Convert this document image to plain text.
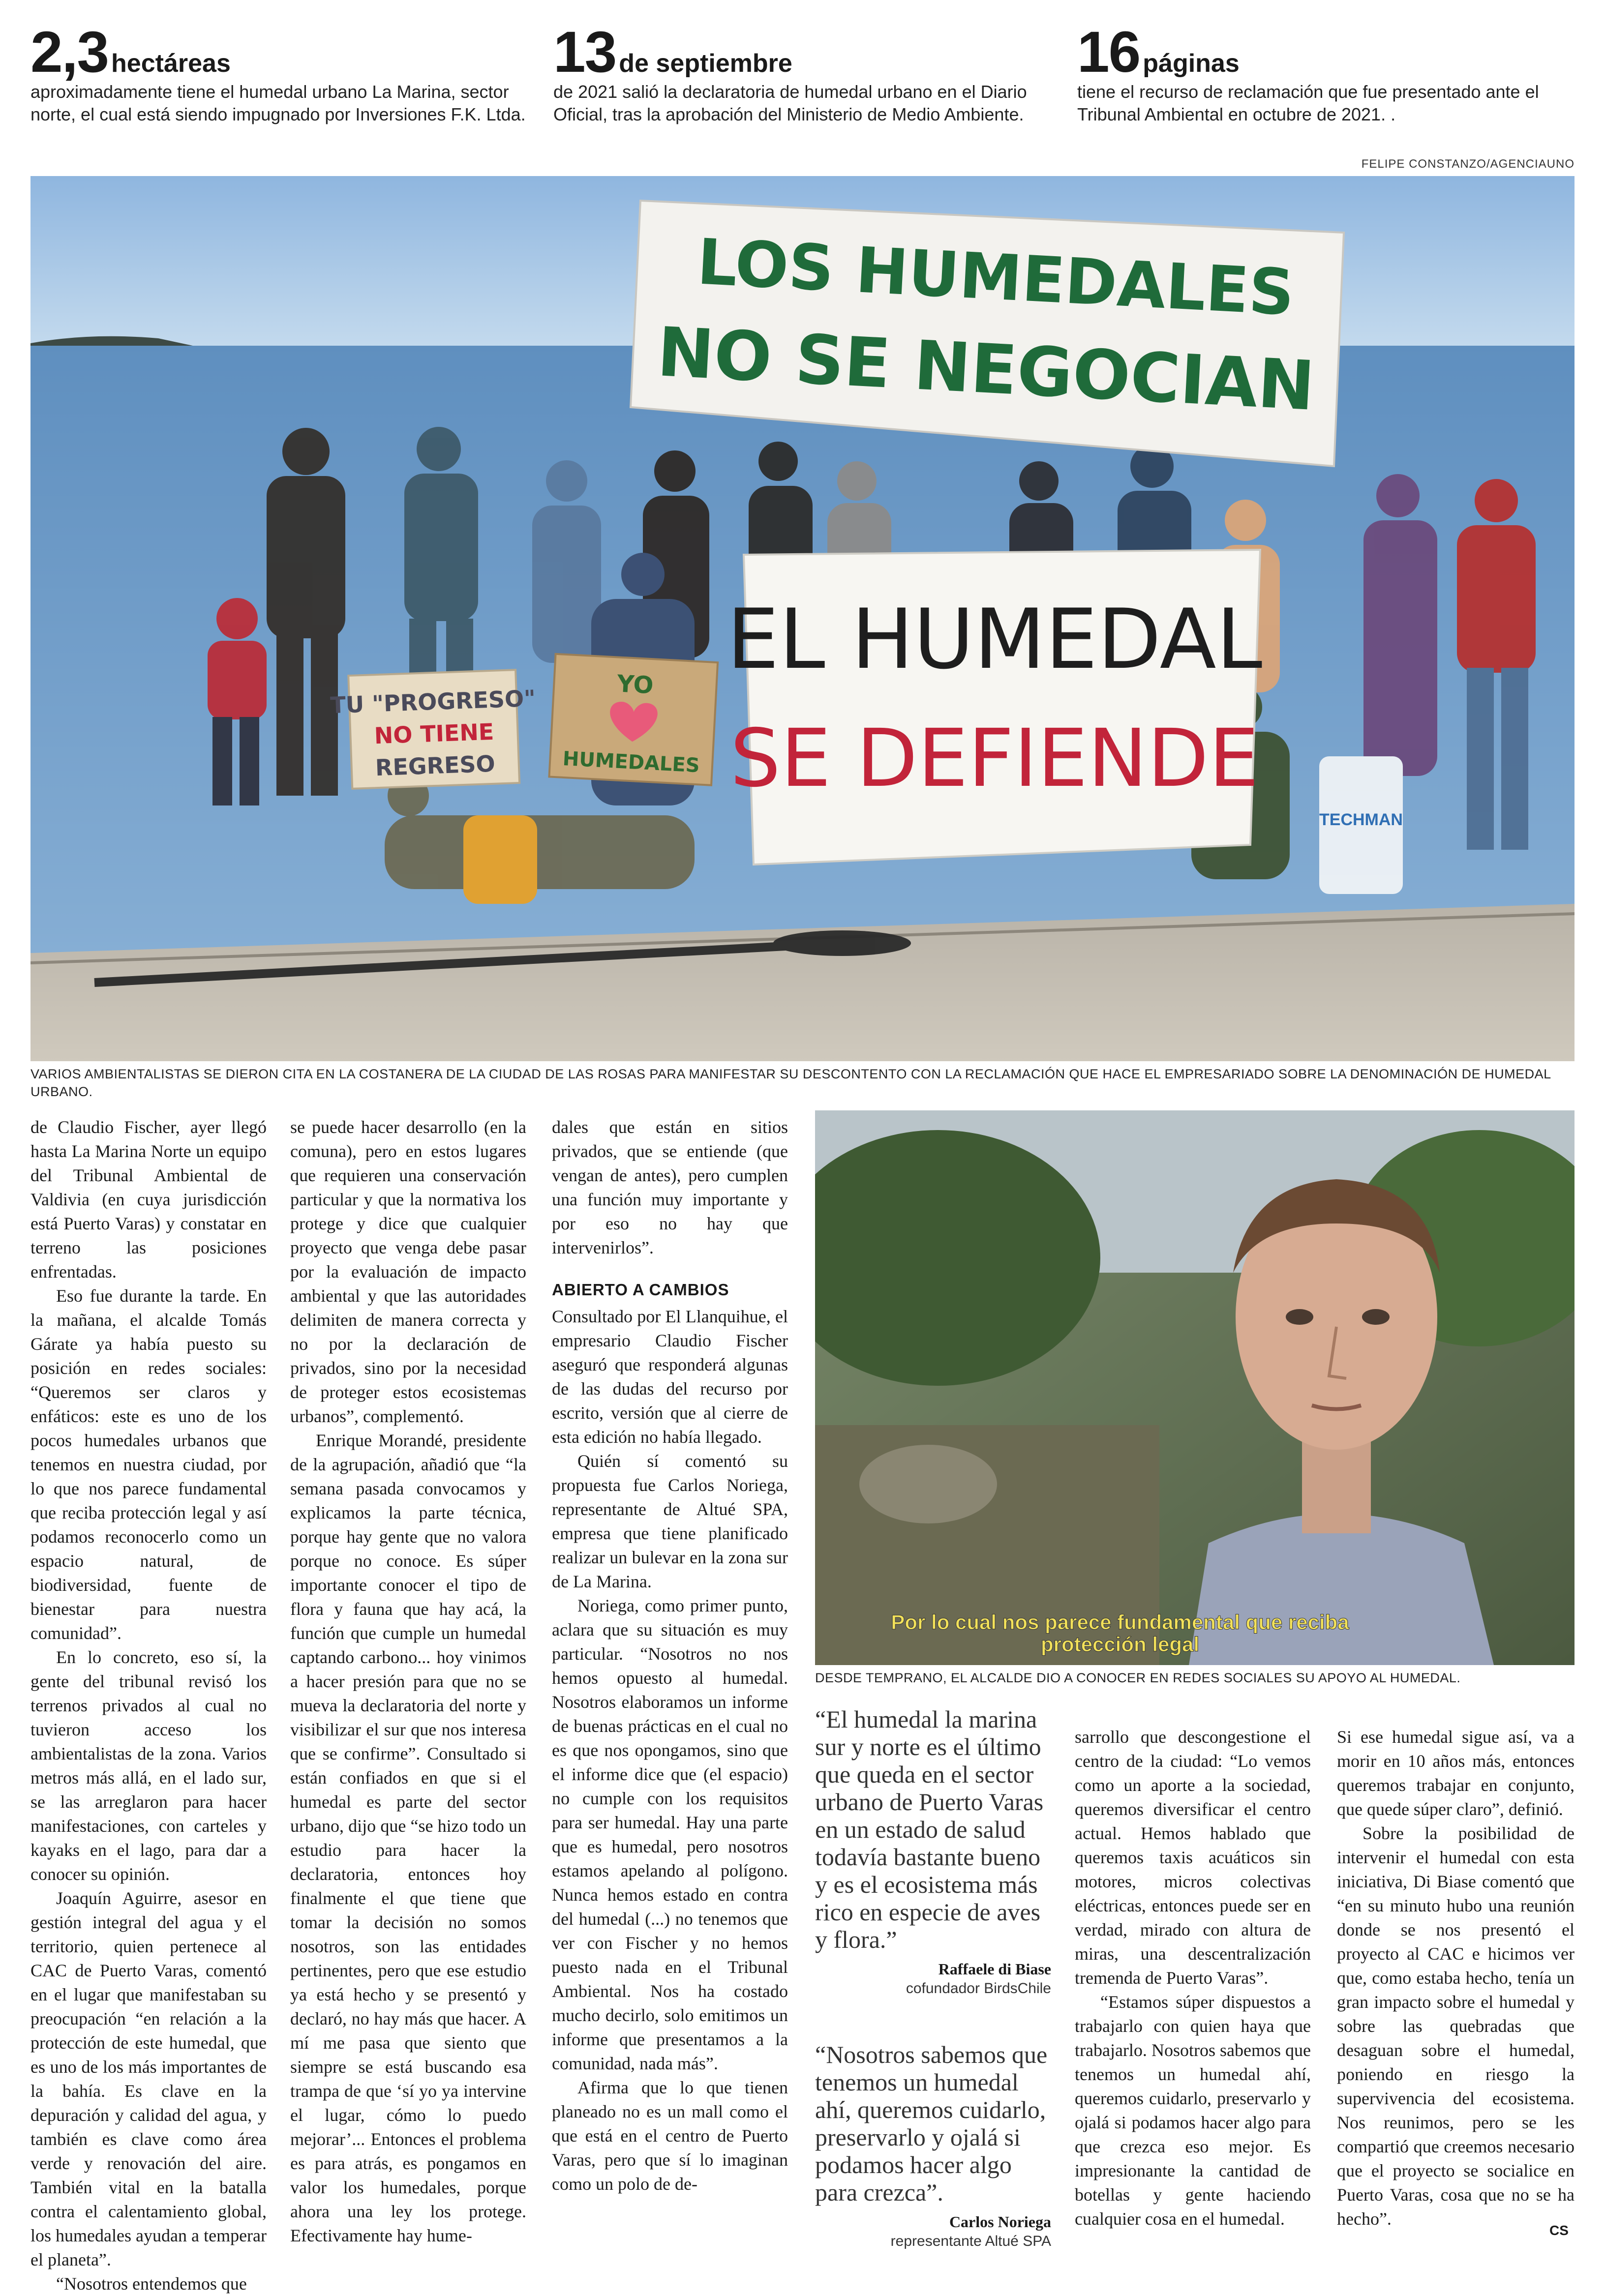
2,3 hectáreas
aproximadamente tiene el humedal urbano La Marina, sector norte, el cual está siendo impugnado por Inversiones F.K. Ltda.
13 de septiembre
de 2021 salió la declaratoria de humedal urbano en el Diario Oficial, tras la aprobación del Ministerio de Medio Ambiente.
16 páginas
tiene el recurso de reclamación que fue presentado ante el Tribunal Ambiental en octubre de 2021. .
FELIPE CONSTANZO/AGENCIAUNO
TECHMAN
LOS HUMEDALES
NO SE NEGOCIAN
EL HUMEDAL
SE DEFIENDE
TU "PROGRESO"
NO TIENE
REGRESO
YO
HUMEDALES
VARIOS AMBIENTALISTAS SE DIERON CITA EN LA COSTANERA DE LA CIUDAD DE LAS ROSAS PARA MANIFESTAR SU DESCONTENTO CON LA RECLAMACIÓN QUE HACE EL EMPRESARIADO SOBRE LA DENOMINACIÓN DE HUMEDAL URBANO.
Por lo cual nos parece fundamental que reciba
protección legal
DESDE TEMPRANO, EL ALCALDE DIO A CONOCER EN REDES SOCIALES SU APOYO AL HUMEDAL.

de Claudio Fischer, ayer llegó hasta La Marina Norte un equipo del Tribunal Ambiental de Valdivia (en cuya jurisdicción está Puerto Varas) y constatar en terreno las posiciones enfrentadas.

Eso fue durante la tarde. En la mañana, el alcalde Tomás Gárate ya había puesto su posición en redes sociales: “Queremos ser claros y enfáticos: este es uno de los pocos humedales urbanos que tenemos en nuestra ciudad, por lo que nos parece fundamental que reciba protección legal y así podamos reconocerlo como un espacio natural, de biodiversidad, fuente de bienestar para nuestra comunidad”.

En lo concreto, eso sí, la gente del tribunal revisó los terrenos privados al cual no tuvieron acceso los ambientalistas de la zona. Varios metros más allá, en el lado sur, se las arreglaron para hacer manifestaciones, con carteles y kayaks en el lago, para dar a conocer su opinión.

Joaquín Aguirre, asesor en gestión integral del agua y el territorio, quien pertenece al CAC de Puerto Varas, comentó en el lugar que manifestaban su preocupación “en relación a la protección de este humedal, que es uno de los más importantes de la bahía. Es clave en la depuración y calidad del agua, y también es clave como área verde y renovación del aire. También vital en la batalla contra el calentamiento global, los humedales ayudan a temperar el planeta”.

“Nosotros entendemos que

se puede hacer desarrollo (en la comuna), pero en estos lugares que requieren una conservación particular y que la normativa los protege y dice que cualquier proyecto que venga debe pasar por la evaluación de impacto ambiental y que las autoridades delimiten de manera correcta y no por la declaración de privados, sino por la necesidad de proteger estos ecosistemas urbanos”, complementó.

Enrique Morandé, presidente de la agrupación, añadió que “la semana pasada convocamos y explicamos la parte técnica, porque hay gente que no valora porque no conoce. Es súper importante conocer el tipo de flora y fauna que hay acá, la función que cumple un humedal captando carbono... hoy vinimos a hacer presión para que no se mueva la declaratoria del norte y visibilizar el sur que nos interesa que se confirme”. Consultado si están confiados en que si el humedal es parte del sector urbano, dijo que “se hizo todo un estudio para hacer la declaratoria, entonces hoy finalmente el que tiene que tomar la decisión no somos nosotros, son las entidades pertinentes, pero que ese estudio ya está hecho y se presentó y declaró, no hay más que hacer. A mí me pasa que siento que siempre se está buscando esa trampa de que ‘sí yo ya intervine el lugar, cómo lo puedo mejorar’... Entonces el problema es para atrás, es pongamos en valor los humedales, porque ahora una ley los protege. Efectivamente hay hume-

dales que están en sitios privados, que se entiende (que vengan de antes), pero cumplen una función muy importante y por eso no hay que intervenirlos”.

ABIERTO A CAMBIOS

Consultado por El Llanquihue, el empresario Claudio Fischer aseguró que responderá algunas de las dudas del recurso por escrito, versión que al cierre de esta edición no había llegado.

Quién sí comentó su propuesta fue Carlos Noriega, representante de Altué SPA, empresa que tiene planificado realizar un bulevar en la zona sur de La Marina.

Noriega, como primer punto, aclara que su situación es muy particular. “Nosotros no nos hemos opuesto al humedal. Nosotros elaboramos un informe de buenas prácticas en el cual no es que nos opongamos, sino que el informe dice que (el espacio) no cumple con los requisitos para ser humedal. Hay una parte que es humedal, pero nosotros estamos apelando al polígono. Nunca hemos estado en contra del humedal (...) no tenemos que ver con Fischer y no hemos puesto nada en el Tribunal Ambiental. Nos ha costado mucho decirlo, solo emitimos un informe que presentamos a la comunidad, nada más”.

Afirma que lo que tienen planeado no es un mall como el que está en el centro de Puerto Varas, pero que sí lo imaginan como un polo de de-

“El humedal la marina sur y norte es el último que queda en el sector urbano de Puerto Varas en un estado de salud todavía bastante bueno y es el ecosistema más rico en especie de aves y flora.”
Raffaele di Biase
cofundador BirdsChile
“Nosotros sabemos que tenemos un humedal ahí, queremos cuidarlo, preservarlo y ojalá si podamos hacer algo para crezca”.
Carlos Noriega
representante Altué SPA

sarrollo que descongestione el centro de la ciudad: “Lo vemos como un aporte a la sociedad, queremos diversificar el centro actual. Hemos hablado que queremos taxis acuáticos sin motores, micros colectivas eléctricas, entonces puede ser en verdad, mirado con altura de miras, una descentralización tremenda de Puerto Varas”.

“Estamos súper dispuestos a trabajarlo con quien haya que trabajarlo. Nosotros sabemos que tenemos un humedal ahí, queremos cuidarlo, preservarlo y ojalá si podamos hacer algo para que crezca eso mejor. Es impresionante la cantidad de botellas y gente haciendo cualquier cosa en el humedal.

Si ese humedal sigue así, va a morir en 10 años más, entonces queremos trabajar en conjunto, que quede súper claro”, definió.

Sobre la posibilidad de intervenir el humedal con esta iniciativa, Di Biase comentó que “en su minuto hubo una reunión donde se nos presentó el proyecto al CAC e hicimos ver que, como estaba hecho, tenía un gran impacto sobre el humedal y sobre las quebradas que desaguan sobre el humedal, poniendo en riesgo la supervivencia del ecosistema. Nos reunimos, pero se les compartió que creemos necesario que el proyecto se socialice en Puerto Varas, cosa que no se ha hecho”.

CS
